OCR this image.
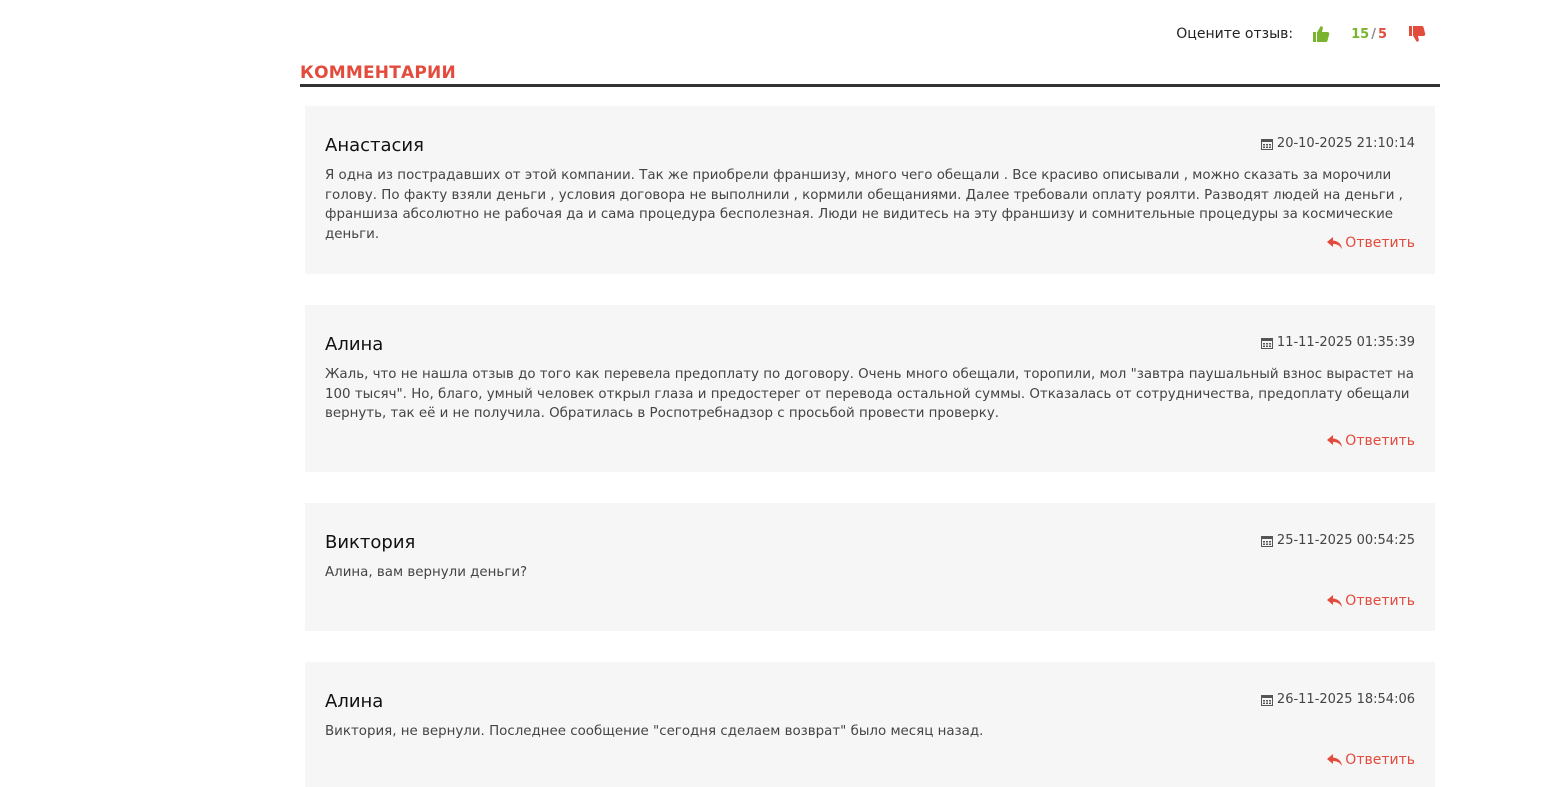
Оцените отзыв:	15 / 5
КОММЕНТАРИИ
Анастасия	20-10-2025 21:10:14
Я одна из пострадавших от этой компании. Так же приобрели франшизу, много чего обещали . Все красиво описывали , можно сказать за морочили голову. По факту взяли деньги , условия договора не выполнили , кормили обещаниями. Далее требовали оплату роялти. Разводят людей на деньги , франшиза абсолютно не рабочая да и сама процедура бесполезная. Люди не видитесь на эту франшизу и сомнительные процедуры за космические деньги.
Ответить
Алина	11-11-2025 01:35:39
Жаль, что не нашла отзыв до того как перевела предоплату по договору. Очень много обещали, торопили, мол "завтра паушальный взнос вырастет на 100 тысяч". Но, благо, умный человек открыл глаза и предостерег от перевода остальной суммы. Отказалась от сотрудничества, предоплату обещали вернуть, так её и не получила. Обратилась в Роспотребнадзор с просьбой провести проверку.
Ответить
Виктория	25-11-2025 00:54:25
Алина, вам вернули деньги?
Ответить
Алина	26-11-2025 18:54:06
Виктория, не вернули. Последнее сообщение "сегодня сделаем возврат" было месяц назад.
Ответить
